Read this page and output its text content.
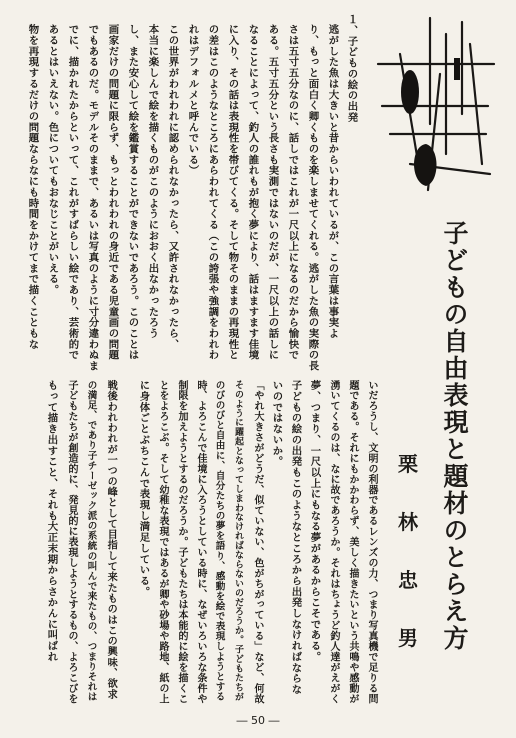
１、子どもの絵の出発
逃がした魚は大きいと昔からいわれているが、この言葉は事実よ
り、もっと面白く卿くものを楽しませてくれる。逃がした魚の実際の長
さは五寸五分なのに、話しではこれが一尺以上になるのだから愉快で
ある。五寸五分という長さも実測ではないのだが、一尺以上の話しに
なることによって、釣人の誰れもが抱く夢により、話はますます佳境
に入り、その話は表現性を帯びてくる。そして物そのままの再現性と
の差はこのようなところにあらわれてくる（この誇張や強調をわれわ
れはデフォルメと呼んでいる）
この世界がわれわれに認められなかったら、又許されなかったら、
本当に楽しんで絵を描くものがこのようにおおく出なかったろう
し、また安心して絵を鑑賞することができないであろう。このことは
画家だけの問題に限らず、もっとわれわれの身近である児童画の問題
でもあるのだ。モデルそのままで、あるいは写真のように寸分違わぬま
でに、描かれたからといって、これがすばらしい絵であり、芸術的で
あるとはいえない。色についてもおなじことがいえる。
物を再現するだけの問題ならなにも時間をかけてまで描くこともな
子どもの自由表現と題材のとらえ方
栗
林
忠
男
いだろうし、文明の利器であるレンズの力、つまり写真機で足りる問
題である。それにもかかわらず、美しく描きたいという共鳴や感動が
湧いてくるのは、なに故であろうか。それはちょうど釣人達がえがく
夢、つまり、一尺以上にもなる夢があるからこそである。
子どもの絵の出発もこのようなところから出発しなければならな
いのではないか。
「やれ大きさがどうだ、似ていない、色がちがっている」など、何故
そのように躍起となってしまわなければならないのだろうか。子どもたちが
のびのびと自由に、自分たちの夢を語り、感動を絵で表現しようとする
時、よろこんで佳境に入ろうとしている時に、なぜいろいろな条件や
制限を加えようとするのだろうか。子どもたちは本能的に絵を描くこ
とをよろこぶ。そして幼稚な表現ではあるが卿や砂場や路地、紙の上
に身体ごとぶちこんで表現し満足している。
戦後われわれが一つの峰として目指して来たものはこの興味、欲求
の満足、であり子チーゼック派の系統の叫んで来たもの、つまりそれは
子どもたちが創造的に、発見的に表現しようとするもの、よろこびを
もって描き出すこと、それも大正末期からさかんに叫ばれ
― 50 ―
